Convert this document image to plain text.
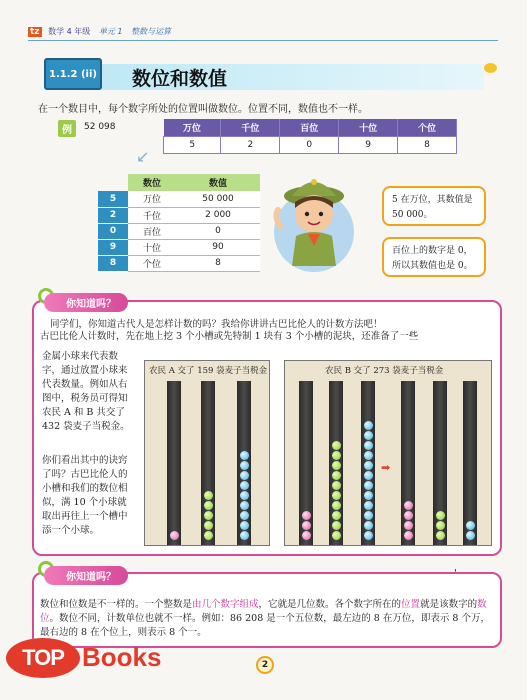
tz 数学 4 年级 单元 1 整数与运算
1.1.2 (ii) 数位和数值
在一个数目中，每个数字所处的位置叫做数位。位置不同，数值也不一样。
例	52 098	万位	千位	百位	十位	个位
5	2	0	9	8
↙
	数位	数值
5	万位	50 000
2	千位	2 000
0	百位	0
9	十位	90
8	个位	8
5 在万位，其数值是 50 000。
百位上的数字是 0，所以其数值也是 0。
你知道吗？
同学们，你知道古代人是怎样计数的吗？我给你讲讲古巴比伦人的计数方法吧！
古巴比伦人计数时，先在地上挖 3 个小槽或先特制 1 块有 3 个小槽的泥块，还准备了一些
金属小球来代表数字，通过放置小球来代表数量。例如从右图中，税务员可得知农民 A 和 B 共交了 432 袋麦子当税金。
你们看出其中的诀窍了吗？古巴比伦人的小槽和我们的数位相似，满 10 个小球就取出再往上一个槽中添一个小球。
农民 A 交了 159 袋麦子当税金	农民 B 交了 273 袋麦子当税金
➡
你知道吗？	'
数位和位数是不一样的。一个整数是由几个数字组成，它就是几位数。各个数字所在的位置就是该数字的数位。数位不同，计数单位也就不一样。例如：86 208 是一个五位数，最左边的 8 在万位，即表示 8 个万，最右边的 8 在个位上，则表示 8 个一。
2
TOP Books
